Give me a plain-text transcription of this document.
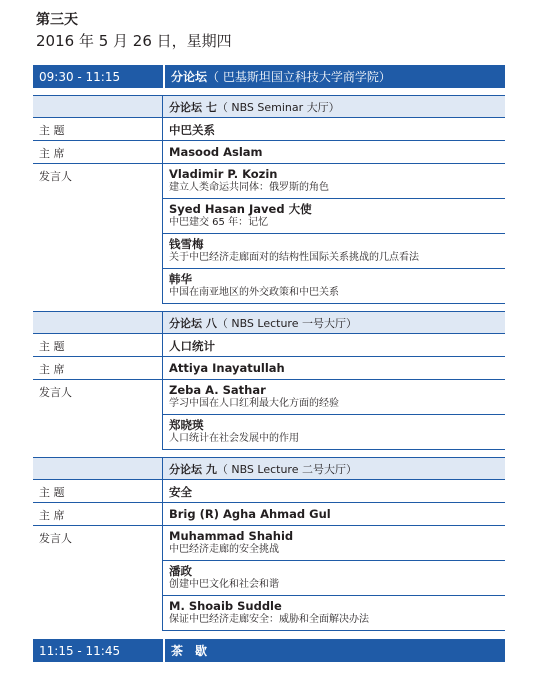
第三天
2016 年 5 月 26 日，星期四
09:30 - 11:15	分论坛（ 巴基斯坦国立科技大学商学院）
分论坛 七（ NBS Seminar 大厅）
主 题	中巴关系
主 席	Masood Aslam
发言人	Vladimir P. Kozin
建立人类命运共同体：俄罗斯的角色
Syed Hasan Javed 大使
中巴建交 65 年：记忆
钱雪梅
关于中巴经济走廊面对的结构性国际关系挑战的几点看法
韩华
中国在南亚地区的外交政策和中巴关系
分论坛 八（ NBS Lecture 一号大厅）
主 题	人口统计
主 席	Attiya Inayatullah
发言人	Zeba A. Sathar
学习中国在人口红利最大化方面的经验
郑晓瑛
人口统计在社会发展中的作用
分论坛 九（ NBS Lecture 二号大厅）
主 题	安全
主 席	Brig (R) Agha Ahmad Gul
发言人	Muhammad Shahid
中巴经济走廊的安全挑战
潘政
创建中巴文化和社会和谐
M. Shoaib Suddle
保证中巴经济走廊安全：威胁和全面解决办法
11:15 - 11:45	茶　歇
